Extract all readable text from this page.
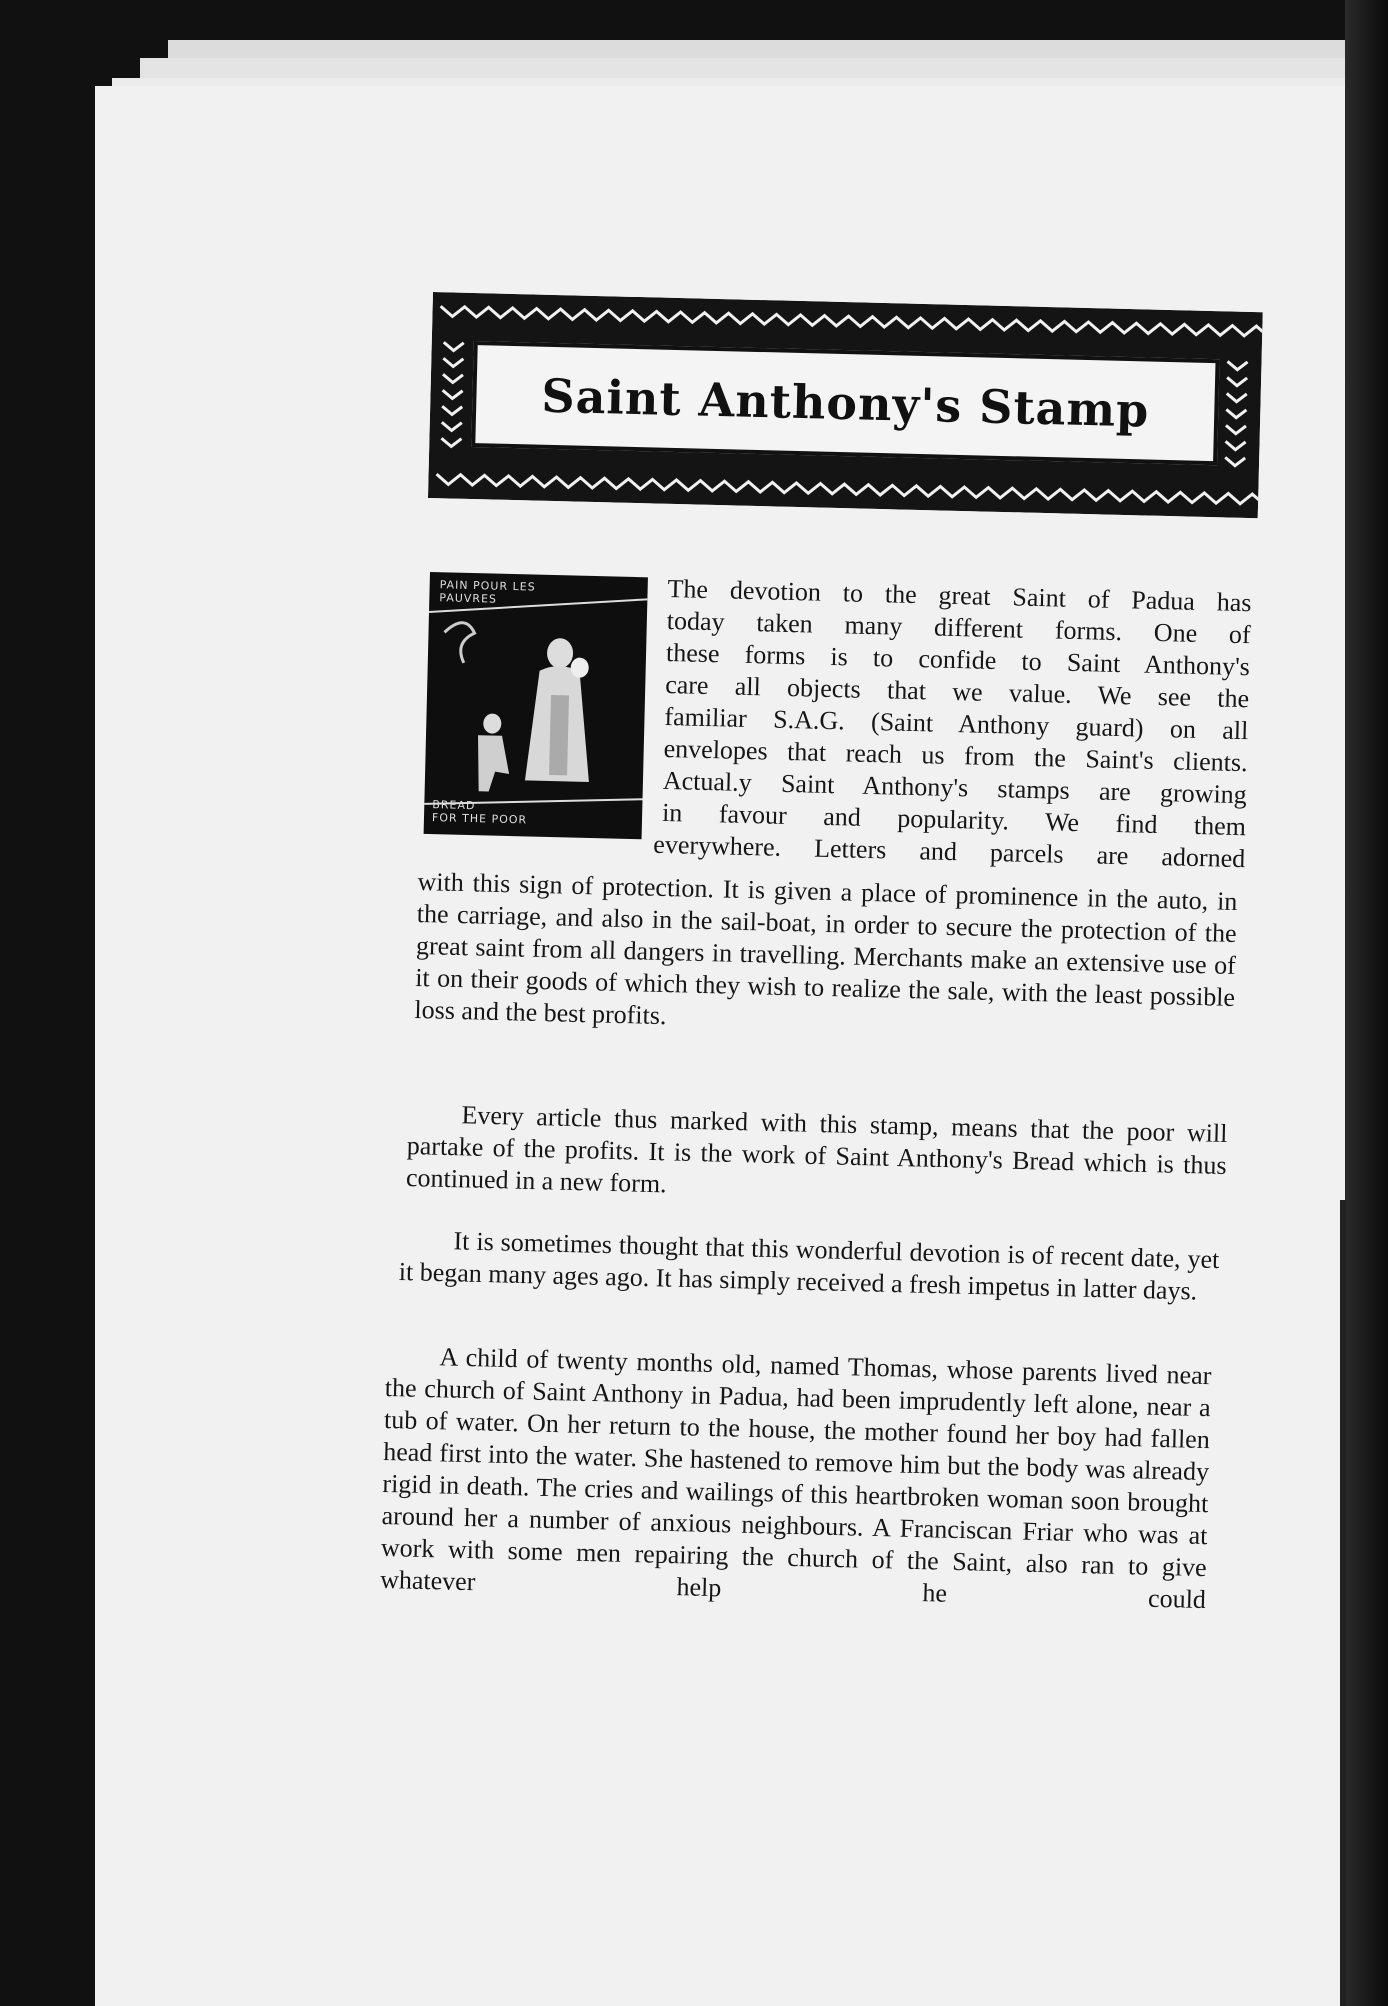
Saint Anthony's Stamp
PAIN POUR LES PAUVRES
BREAD
FOR THE POOR

The devotion to the great Saint of Padua has

today taken many different forms. One of

these forms is to confide to Saint Anthony's

care all objects that we value. We see the

familiar S.A.G. (Saint Anthony guard) on all

envelopes that reach us from the Saint's clients.

Actual.y Saint Anthony's stamps are growing

in favour and popularity. We find them

everywhere. Letters and parcels are adorned

with this sign of protection. It is given a place of prominence in the auto, in the carriage, and also in the sail-boat, in order to secure the protection of the great saint from all dangers in travelling. Merchants make an extensive use of it on their goods of which they wish to realize the sale, with the least possible loss and the best profits.

Every article thus marked with this stamp, means that the poor will partake of the profits. It is the work of Saint Anthony's Bread which is thus continued in a new form.

It is sometimes thought that this wonderful devotion is of recent date, yet it began many ages ago. It has simply received a fresh impetus in latter days.

A child of twenty months old, named Thomas, whose parents lived near the church of Saint Anthony in Padua, had been imprudently left alone, near a tub of water. On her return to the house, the mother found her boy had fallen head first into the water. She hastened to remove him but the body was already rigid in death. The cries and wailings of this heartbroken woman soon brought around her a number of anxious neighbours. A Franciscan Friar who was at work with some men repairing the church of the Saint, also ran to give whatever help he could
